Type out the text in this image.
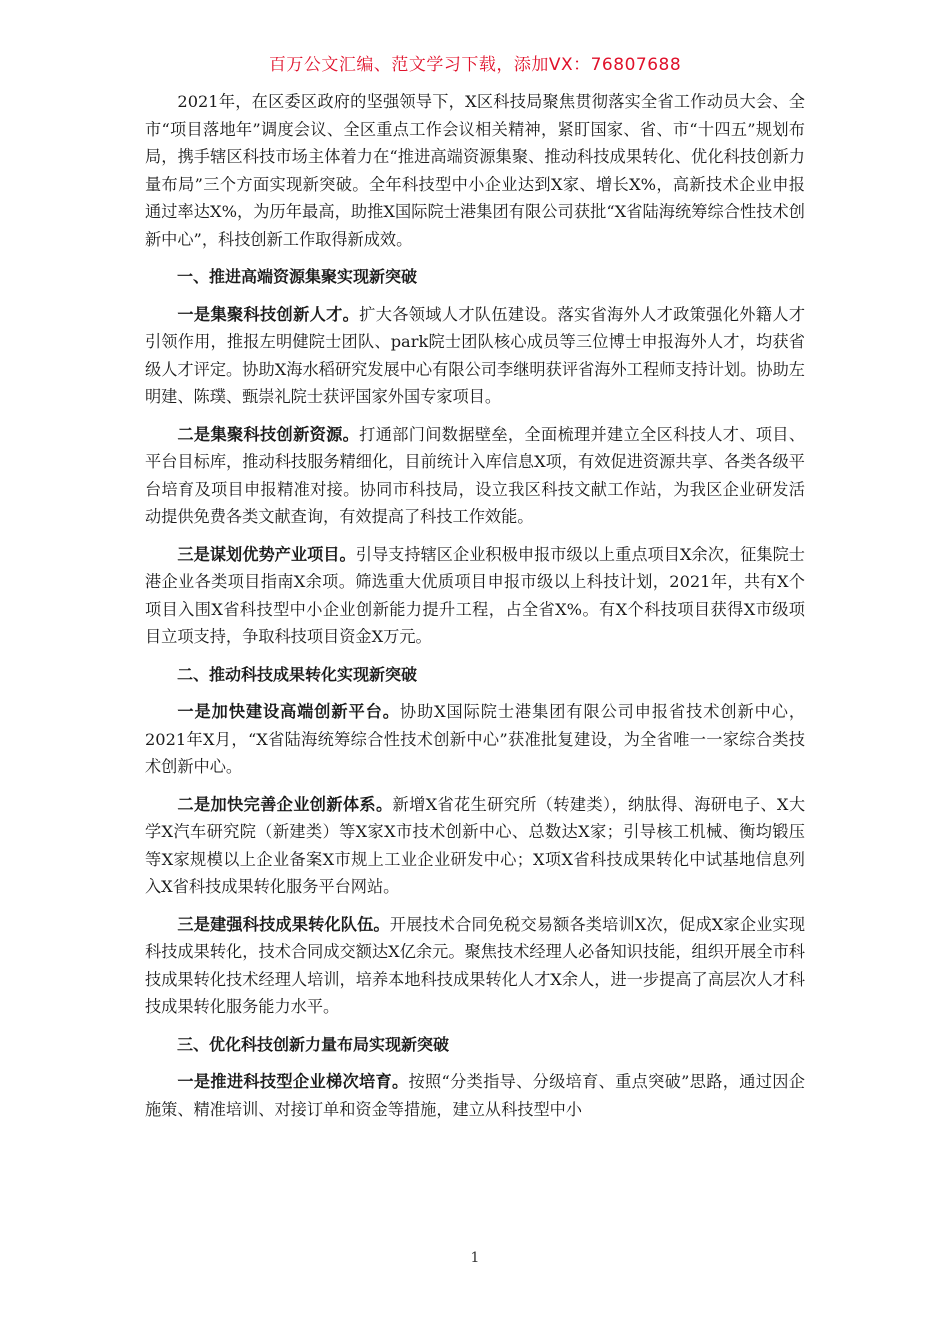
百万公文汇编、范文学习下载，添加VX：76807688

2021年，在区委区政府的坚强领导下，X区科技局聚焦贯彻落实全省工作动员大会、全市“项目落地年”调度会议、全区重点工作会议相关精神，紧盯国家、省、市“十四五”规划布局，携手辖区科技市场主体着力在“推进高端资源集聚、推动科技成果转化、优化科技创新力量布局”三个方面实现新突破。全年科技型中小企业达到X家、增长X%，高新技术企业申报通过率达X%，为历年最高，助推X国际院士港集团有限公司获批“X省陆海统筹综合性技术创新中心”，科技创新工作取得新成效。

一、推进高端资源集聚实现新突破

一是集聚科技创新人才。扩大各领域人才队伍建设。落实省海外人才政策强化外籍人才引领作用，推报左明健院士团队、park院士团队核心成员等三位博士申报海外人才，均获省级人才评定。协助X海水稻研究发展中心有限公司李继明获评省海外工程师支持计划。协助左明建、陈璞、甄崇礼院士获评国家外国专家项目。

二是集聚科技创新资源。打通部门间数据壁垒，全面梳理并建立全区科技人才、项目、平台目标库，推动科技服务精细化，目前统计入库信息X项，有效促进资源共享、各类各级平台培育及项目申报精准对接。协同市科技局，设立我区科技文献工作站，为我区企业研发活动提供免费各类文献查询，有效提高了科技工作效能。

三是谋划优势产业项目。引导支持辖区企业积极申报市级以上重点项目X余次，征集院士港企业各类项目指南X余项。筛选重大优质项目申报市级以上科技计划，2021年，共有X个项目入围X省科技型中小企业创新能力提升工程，占全省X%。有X个科技项目获得X市级项目立项支持，争取科技项目资金X万元。

二、推动科技成果转化实现新突破

一是加快建设高端创新平台。协助X国际院士港集团有限公司申报省技术创新中心，2021年X月，“X省陆海统筹综合性技术创新中心”获准批复建设，为全省唯一一家综合类技术创新中心。

二是加快完善企业创新体系。新增X省花生研究所（转建类），纳肽得、海研电子、X大学X汽车研究院（新建类）等X家X市技术创新中心、总数达X家；引导核工机械、衡均锻压等X家规模以上企业备案X市规上工业企业研发中心；X项X省科技成果转化中试基地信息列入X省科技成果转化服务平台网站。

三是建强科技成果转化队伍。开展技术合同免税交易额各类培训X次，促成X家企业实现科技成果转化，技术合同成交额达X亿余元。聚焦技术经理人必备知识技能，组织开展全市科技成果转化技术经理人培训，培养本地科技成果转化人才X余人，进一步提高了高层次人才科技成果转化服务能力水平。

三、优化科技创新力量布局实现新突破

一是推进科技型企业梯次培育。按照“分类指导、分级培育、重点突破”思路，通过因企施策、精准培训、对接订单和资金等措施，建立从科技型中小

1
